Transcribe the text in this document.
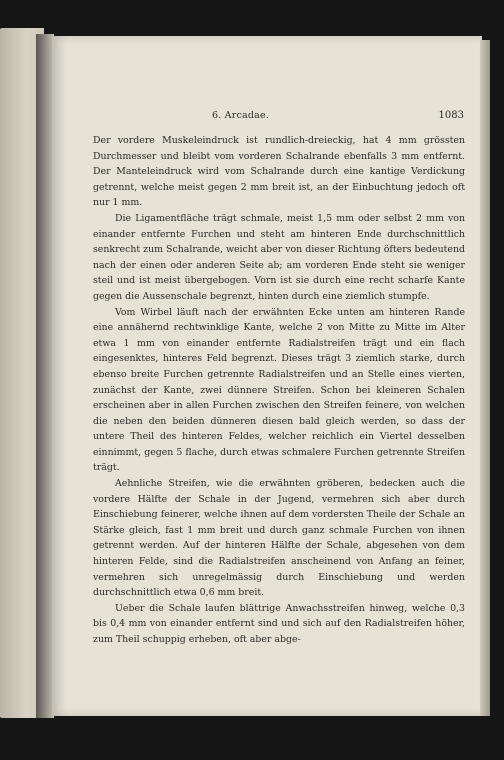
6. Arcadae.	1083

Der vordere Muskeleindruck ist rundlich-dreieckig, hat 4 mm grössten Durchmesser und bleibt vom vorderen Schalrande ebenfalls 3 mm entfernt. Der Manteleindruck wird vom Schalrande durch eine kantige Verdickung getrennt, welche meist gegen 2 mm breit ist, an der Einbuchtung jedoch oft nur 1 mm.

Die Ligamentfläche trägt schmale, meist 1,5 mm oder selbst 2 mm von einander entfernte Furchen und steht am hinteren Ende durchschnittlich senkrecht zum Schalrande, weicht aber von dieser Richtung öfters bedeutend nach der einen oder anderen Seite ab; am vorderen Ende steht sie weniger steil und ist meist übergebogen. Vorn ist sie durch eine recht scharfe Kante gegen die Aussenschale begrenzt, hinten durch eine ziemlich stumpfe.

Vom Wirbel läuft nach der erwähnten Ecke unten am hinteren Rande eine annähernd rechtwinklige Kante, welche 2 von Mitte zu Mitte im Alter etwa 1 mm von einander entfernte Radialstreifen trägt und ein flach eingesenktes, hinteres Feld begrenzt. Dieses trägt 3 ziemlich starke, durch ebenso breite Furchen getrennte Radialstreifen und an Stelle eines vierten, zunächst der Kante, zwei dünnere Streifen. Schon bei kleineren Schalen erscheinen aber in allen Furchen zwischen den Streifen feinere, von welchen die neben den beiden dünneren diesen bald gleich werden, so dass der untere Theil des hinteren Feldes, welcher reichlich ein Viertel desselben einnimmt, gegen 5 flache, durch etwas schmalere Furchen getrennte Streifen trägt.

Aehnliche Streifen, wie die erwähnten gröberen, bedecken auch die vordere Hälfte der Schale in der Jugend, vermehren sich aber durch Einschiebung feinerer, welche ihnen auf dem vordersten Theile der Schale an Stärke gleich, fast 1 mm breit und durch ganz schmale Furchen von ihnen getrennt werden. Auf der hinteren Hälfte der Schale, abgesehen von dem hinteren Felde, sind die Radialstreifen anscheinend von Anfang an feiner, vermehren sich unregelmässig durch Einschiebung und werden durchschnittlich etwa 0,6 mm breit.

Ueber die Schale laufen blättrige Anwachsstreifen hinweg, welche 0,3 bis 0,4 mm von einander entfernt sind und sich auf den Radialstreifen höher, zum Theil schuppig erheben, oft aber abge-
